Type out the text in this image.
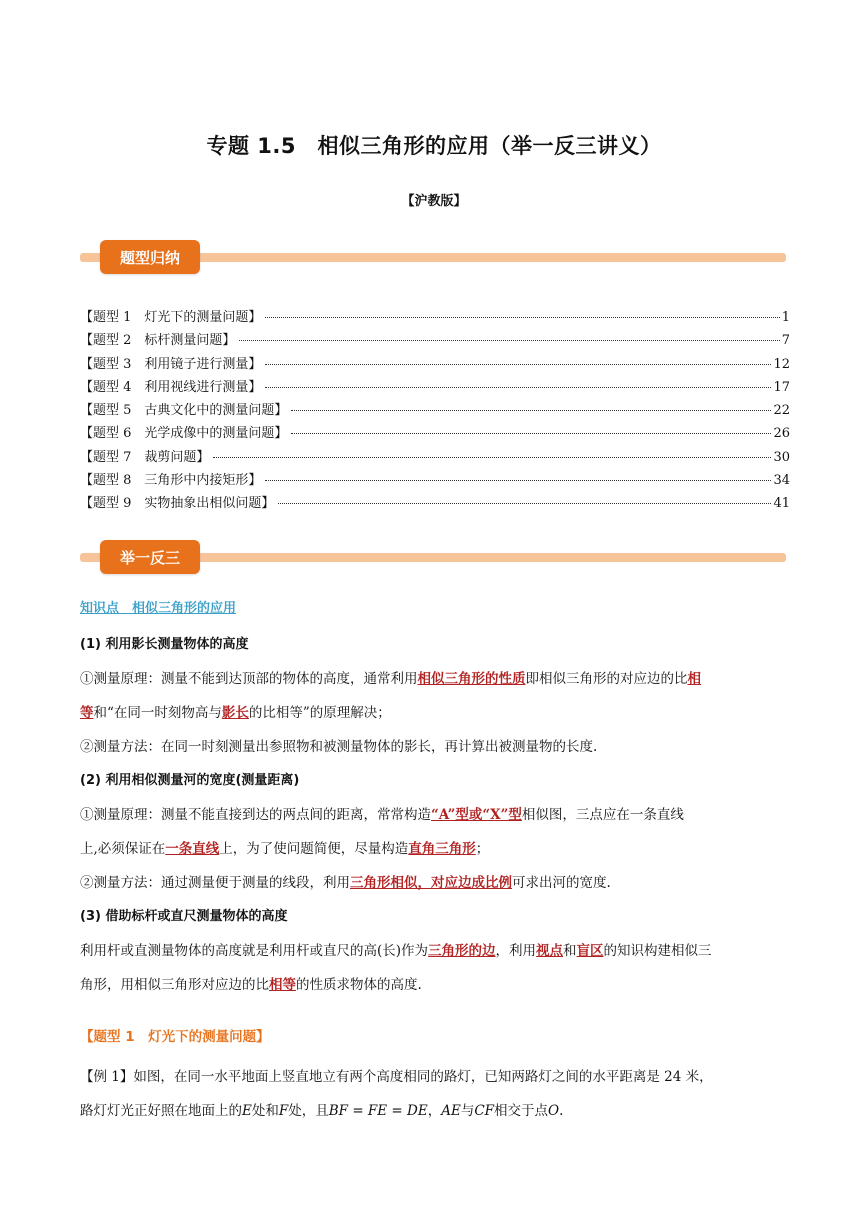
专题 1.5　相似三角形的应用（举一反三讲义）
【沪教版】
题型归纳
【题型 1　灯光下的测量问题】	1
【题型 2　标杆测量问题】	7
【题型 3　利用镜子进行测量】	12
【题型 4　利用视线进行测量】	17
【题型 5　古典文化中的测量问题】	22
【题型 6　光学成像中的测量问题】	26
【题型 7　裁剪问题】	30
【题型 8　三角形中内接矩形】	34
【题型 9　实物抽象出相似问题】	41
举一反三
知识点　相似三角形的应用
(1) 利用影长测量物体的高度
①测量原理：测量不能到达顶部的物体的高度，通常利用相似三角形的性质即相似三角形的对应边的比相
等和“在同一时刻物高与影长的比相等”的原理解决；
②测量方法：在同一时刻测量出参照物和被测量物体的影长，再计算出被测量物的长度.
(2) 利用相似测量河的宽度(测量距离)
①测量原理：测量不能直接到达的两点间的距离，常常构造“A”型或“X”型相似图，三点应在一条直线
上,必须保证在一条直线上，为了使问题简便，尽量构造直角三角形；
②测量方法：通过测量便于测量的线段，利用三角形相似，对应边成比例可求出河的宽度.
(3) 借助标杆或直尺测量物体的高度
利用杆或直测量物体的高度就是利用杆或直尺的高(长)作为三角形的边，利用视点和盲区的知识构建相似三
角形，用相似三角形对应边的比相等的性质求物体的高度.
【题型 1　灯光下的测量问题】
【例 1】如图，在同一水平地面上竖直地立有两个高度相同的路灯，已知两路灯之间的水平距离是 24 米，
路灯灯光正好照在地面上的E处和F处，且BF = FE = DE，AE与CF相交于点O.
